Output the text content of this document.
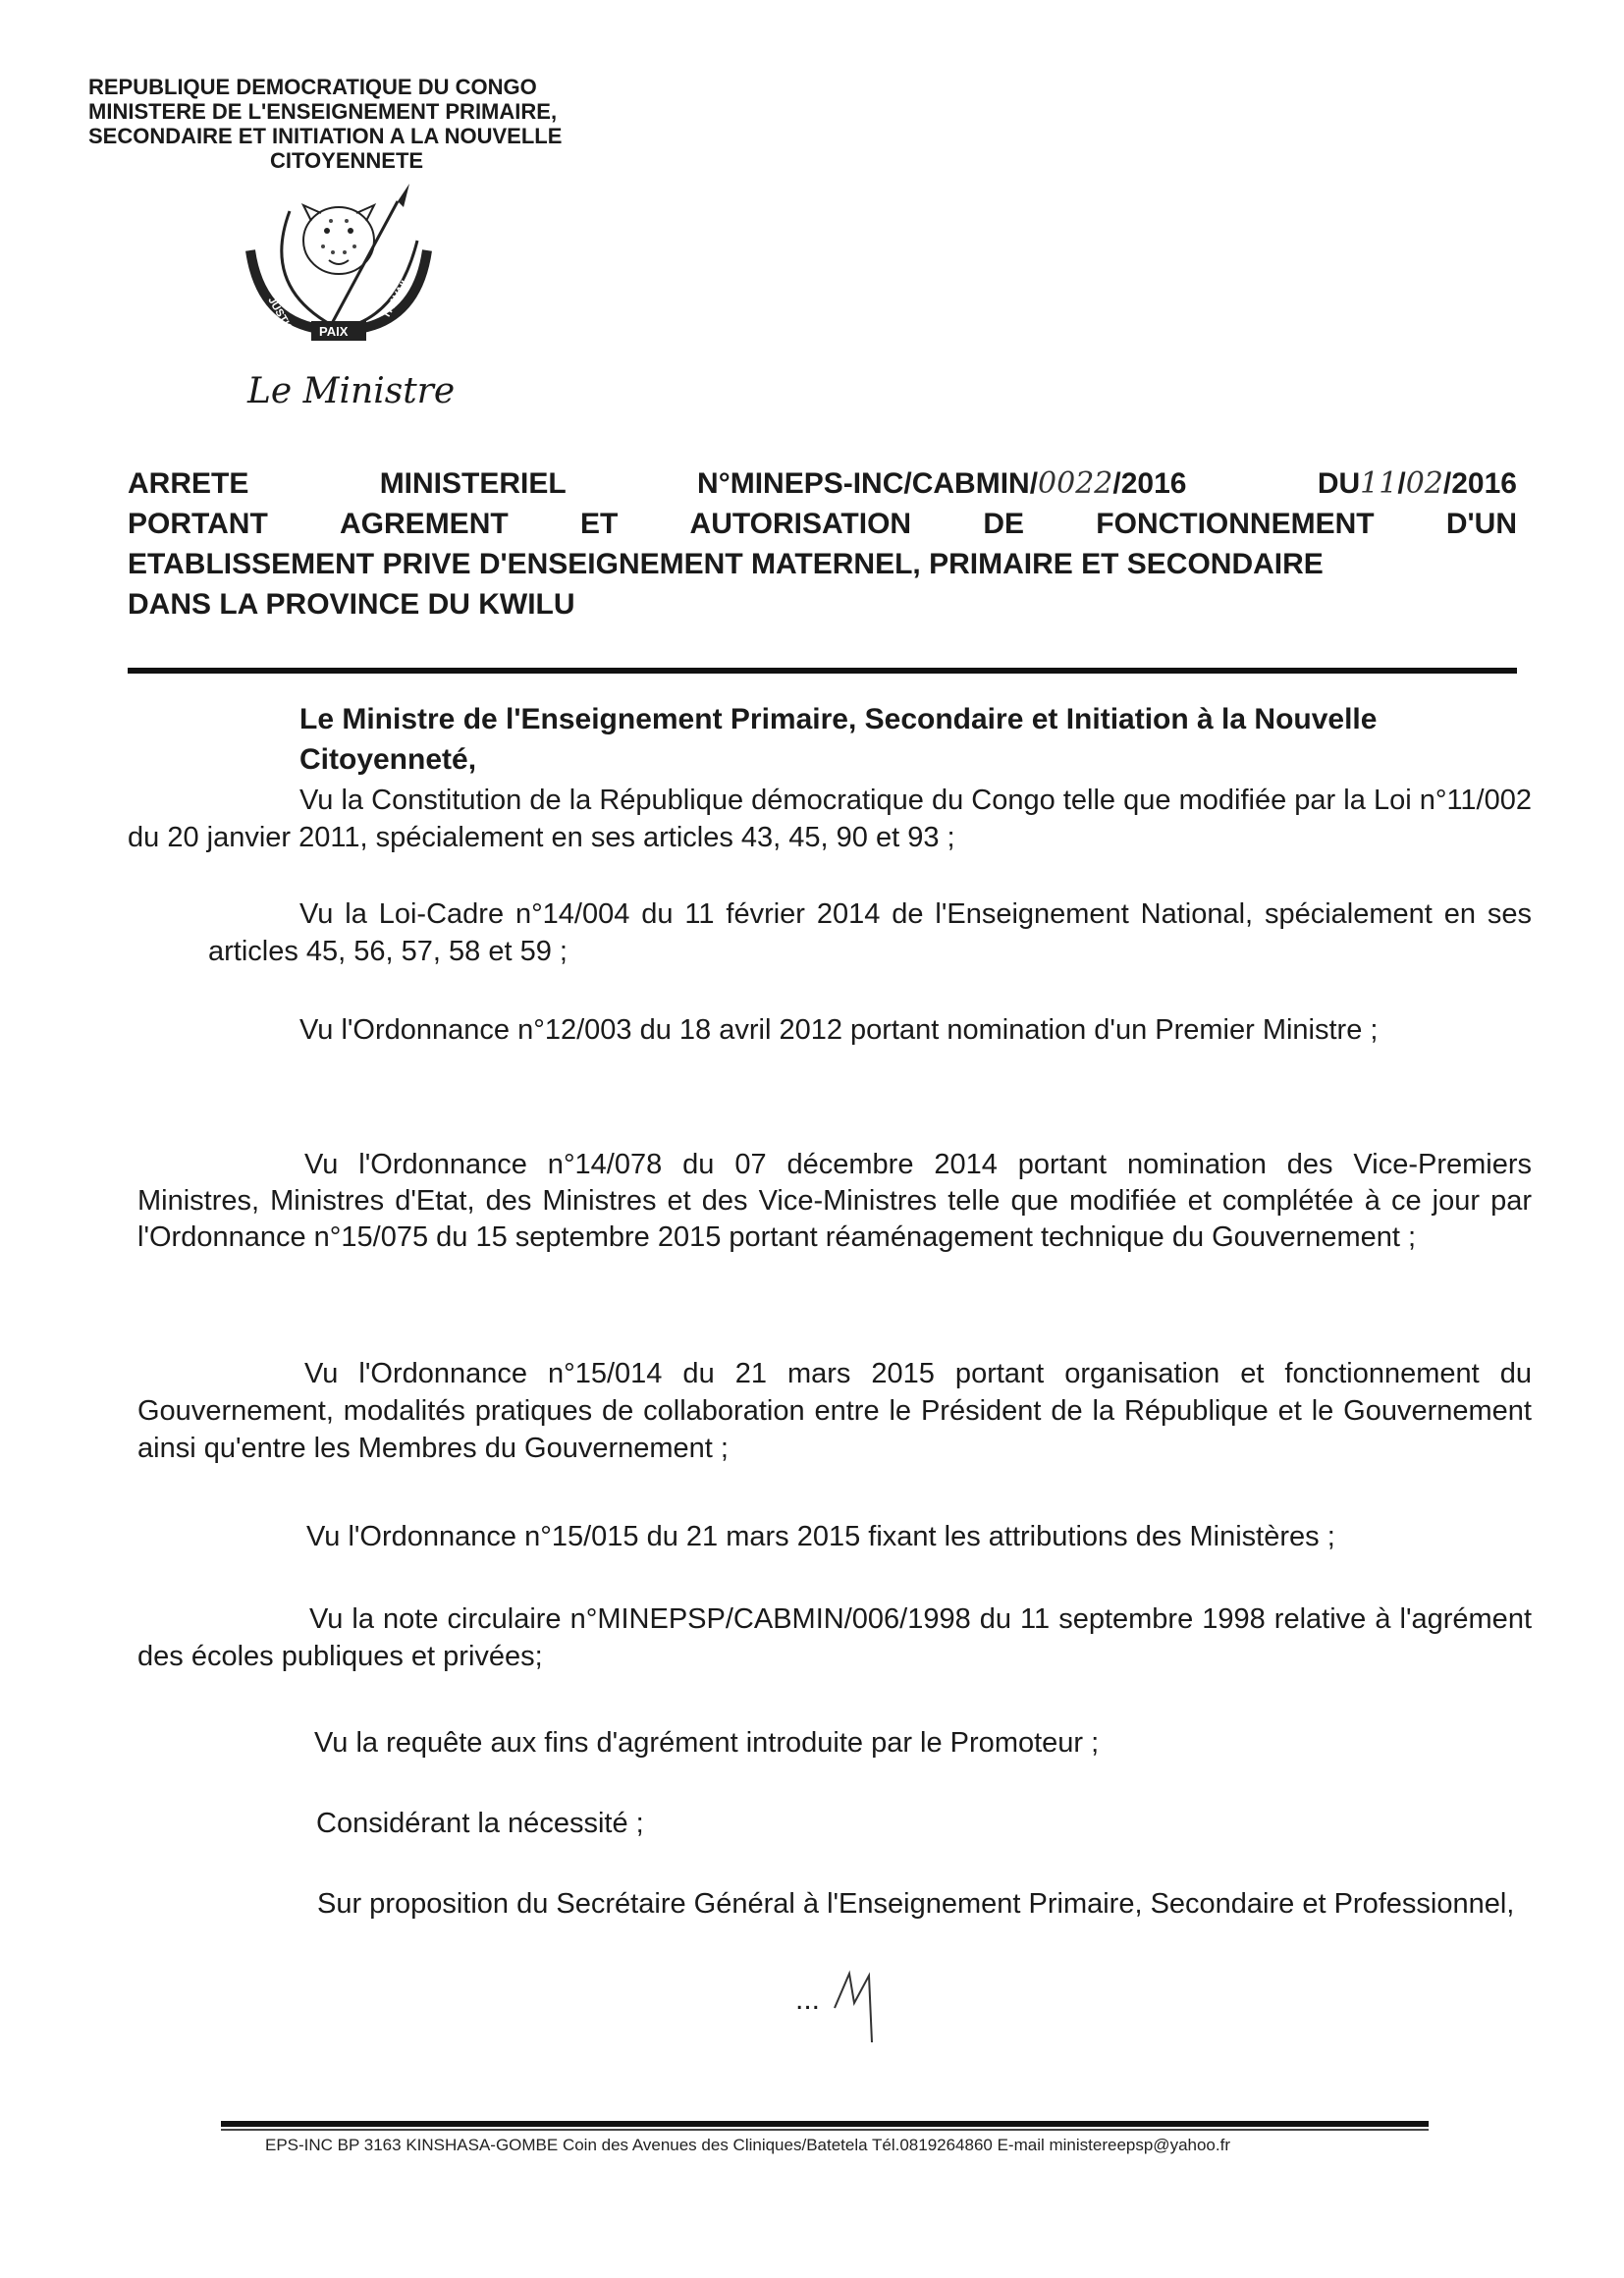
REPUBLIQUE DEMOCRATIQUE DU CONGO
MINISTERE DE L'ENSEIGNEMENT PRIMAIRE,
SECONDAIRE ET INITIATION A LA NOUVELLE
CITOYENNETE
JUSTICE PAIX
TRAVAIL
Le Ministre
ARRETE	MINISTERIEL	N°MINEPS-INC/CABMIN/0022/2016	DU11/02/2016
PORTANT AGREMENT ET AUTORISATION DE FONCTIONNEMENT D'UN
ETABLISSEMENT PRIVE D'ENSEIGNEMENT MATERNEL, PRIMAIRE ET SECONDAIRE
DANS LA PROVINCE DU KWILU
Le Ministre de l'Enseignement Primaire, Secondaire et Initiation à la Nouvelle Citoyenneté,

Vu la Constitution de la République démocratique du Congo telle que modifiée par la Loi n°11/002 du 20 janvier 2011, spécialement en ses articles 43, 45, 90 et 93 ;

Vu la Loi-Cadre n°14/004 du 11 février 2014 de l'Enseignement National, spécialement en ses articles 45, 56, 57, 58 et 59 ;

Vu l'Ordonnance n°12/003 du 18 avril 2012 portant nomination d'un Premier Ministre ;

Vu l'Ordonnance n°14/078 du 07 décembre 2014 portant nomination des Vice-Premiers Ministres, Ministres d'Etat, des Ministres et des Vice-Ministres telle que modifiée et complétée à ce jour par l'Ordonnance n°15/075 du 15 septembre 2015 portant réaménagement technique du Gouvernement ;

Vu l'Ordonnance n°15/014 du 21 mars 2015 portant organisation et fonctionnement du Gouvernement, modalités pratiques de collaboration entre le Président de la République et le Gouvernement ainsi qu'entre les Membres du Gouvernement ;

Vu l'Ordonnance n°15/015 du 21 mars 2015 fixant les attributions des Ministères ;

Vu la note circulaire n°MINEPSP/CABMIN/006/1998 du 11 septembre 1998 relative à l'agrément des écoles publiques et privées;

Vu la requête aux fins d'agrément introduite par le Promoteur ;

Considérant la nécessité ;

Sur proposition du Secrétaire Général à l'Enseignement Primaire, Secondaire et Professionnel,

...
EPS-INC BP 3163 KINSHASA-GOMBE Coin des Avenues des Cliniques/Batetela Tél.0819264860 E-mail ministereepsp@yahoo.fr
